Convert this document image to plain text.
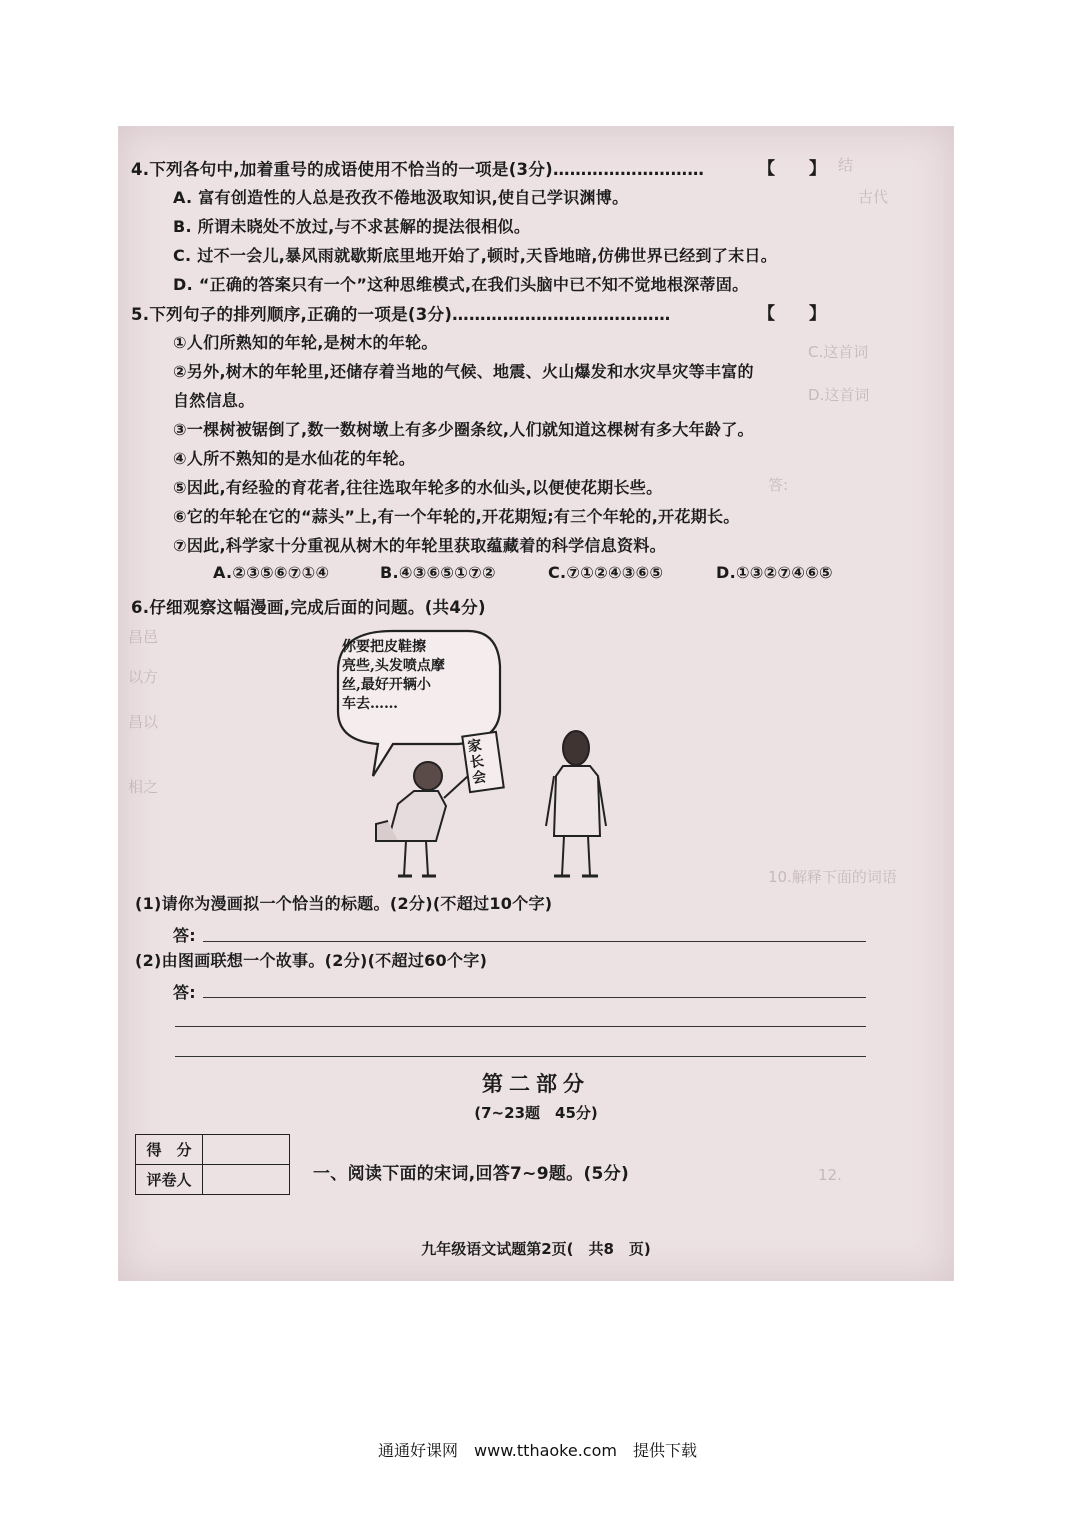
结
古代
C.这首词
D.这首词
答:
昌邑
以方
昌以
相之
10.解释下面的词语
12.
4.下列各句中,加着重号的成语使用不恰当的一项是(3分)………………………	【　　】
A. 富有创造性的人总是孜孜不倦地汲取知识,使自己学识渊博。
B. 所谓未晓处不放过,与不求甚解的提法很相似。
C. 过不一会儿,暴风雨就歇斯底里地开始了,顿时,天昏地暗,仿佛世界已经到了末日。
D. “正确的答案只有一个”这种思维模式,在我们头脑中已不知不觉地根深蒂固。
5.下列句子的排列顺序,正确的一项是(3分)…………………………………	【　　】
①人们所熟知的年轮,是树木的年轮。
②另外,树木的年轮里,还储存着当地的气候、地震、火山爆发和水灾旱灾等丰富的
自然信息。
③一棵树被锯倒了,数一数树墩上有多少圈条纹,人们就知道这棵树有多大年龄了。
④人所不熟知的是水仙花的年轮。
⑤因此,有经验的育花者,往往选取年轮多的水仙头,以便使花期长些。
⑥它的年轮在它的“蒜头”上,有一个年轮的,开花期短;有三个年轮的,开花期长。
⑦因此,科学家十分重视从树木的年轮里获取蕴藏着的科学信息资料。
A.②③⑤⑥⑦①④	B.④③⑥⑤①⑦②	C.⑦①②④③⑥⑤	D.①③②⑦④⑥⑤
6.仔细观察这幅漫画,完成后面的问题。(共4分)
你要把皮鞋擦
亮些,头发喷点摩
丝,最好开辆小
车去……
家长会
(1)请你为漫画拟一个恰当的标题。(2分)(不超过10个字)
答:
(2)由图画联想一个故事。(2分)(不超过60个字)
答:
第二部分
(7~23题　45分)
得　分	
评卷人		一、阅读下面的宋词,回答7~9题。(5分)
九年级语文试题第2页(　共8　页)
通通好课网　www.tthaoke.com　提供下载
